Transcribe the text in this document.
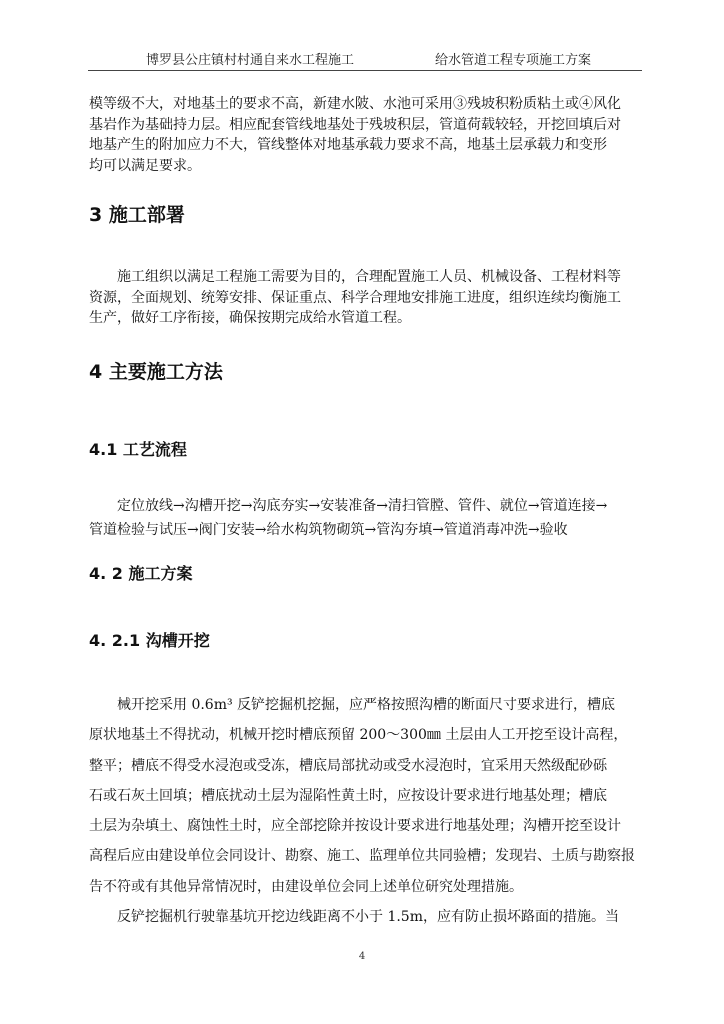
博罗县公庄镇村村通自来水工程施工	给水管道工程专项施工方案
模等级不大，对地基土的要求不高，新建水陂、水池可采用③残坡积粉质粘土或④风化
基岩作为基础持力层。相应配套管线地基处于残坡积层，管道荷载较轻，开挖回填后对
地基产生的附加应力不大，管线整体对地基承载力要求不高，地基土层承载力和变形
均可以满足要求。
3 施工部署
施工组织以满足工程施工需要为目的，合理配置施工人员、机械设备、工程材料等
资源，全面规划、统筹安排、保证重点、科学合理地安排施工进度，组织连续均衡施工
生产，做好工序衔接，确保按期完成给水管道工程。
4 主要施工方法
4.1 工艺流程
定位放线→沟槽开挖→沟底夯实→安装准备→清扫管膛、管件、就位→管道连接→
管道检验与试压→阀门安装→给水构筑物砌筑→管沟夯填→管道消毒冲洗→验收
4. 2 施工方案
4. 2.1 沟槽开挖
械开挖采用 0.6m³ 反铲挖掘机挖掘，应严格按照沟槽的断面尺寸要求进行，槽底
原状地基土不得扰动，机械开挖时槽底预留 200～300㎜ 土层由人工开挖至设计高程，
整平；槽底不得受水浸泡或受冻，槽底局部扰动或受水浸泡时，宜采用天然级配砂砾
石或石灰土回填；槽底扰动土层为湿陷性黄土时，应按设计要求进行地基处理；槽底
土层为杂填土、腐蚀性土时，应全部挖除并按设计要求进行地基处理；沟槽开挖至设计
高程后应由建设单位会同设计、勘察、施工、监理单位共同验槽；发现岩、土质与勘察报
告不符或有其他异常情况时，由建设单位会同上述单位研究处理措施。
反铲挖掘机行驶靠基坑开挖边线距离不小于 1.5m，应有防止损坏路面的措施。当
4
